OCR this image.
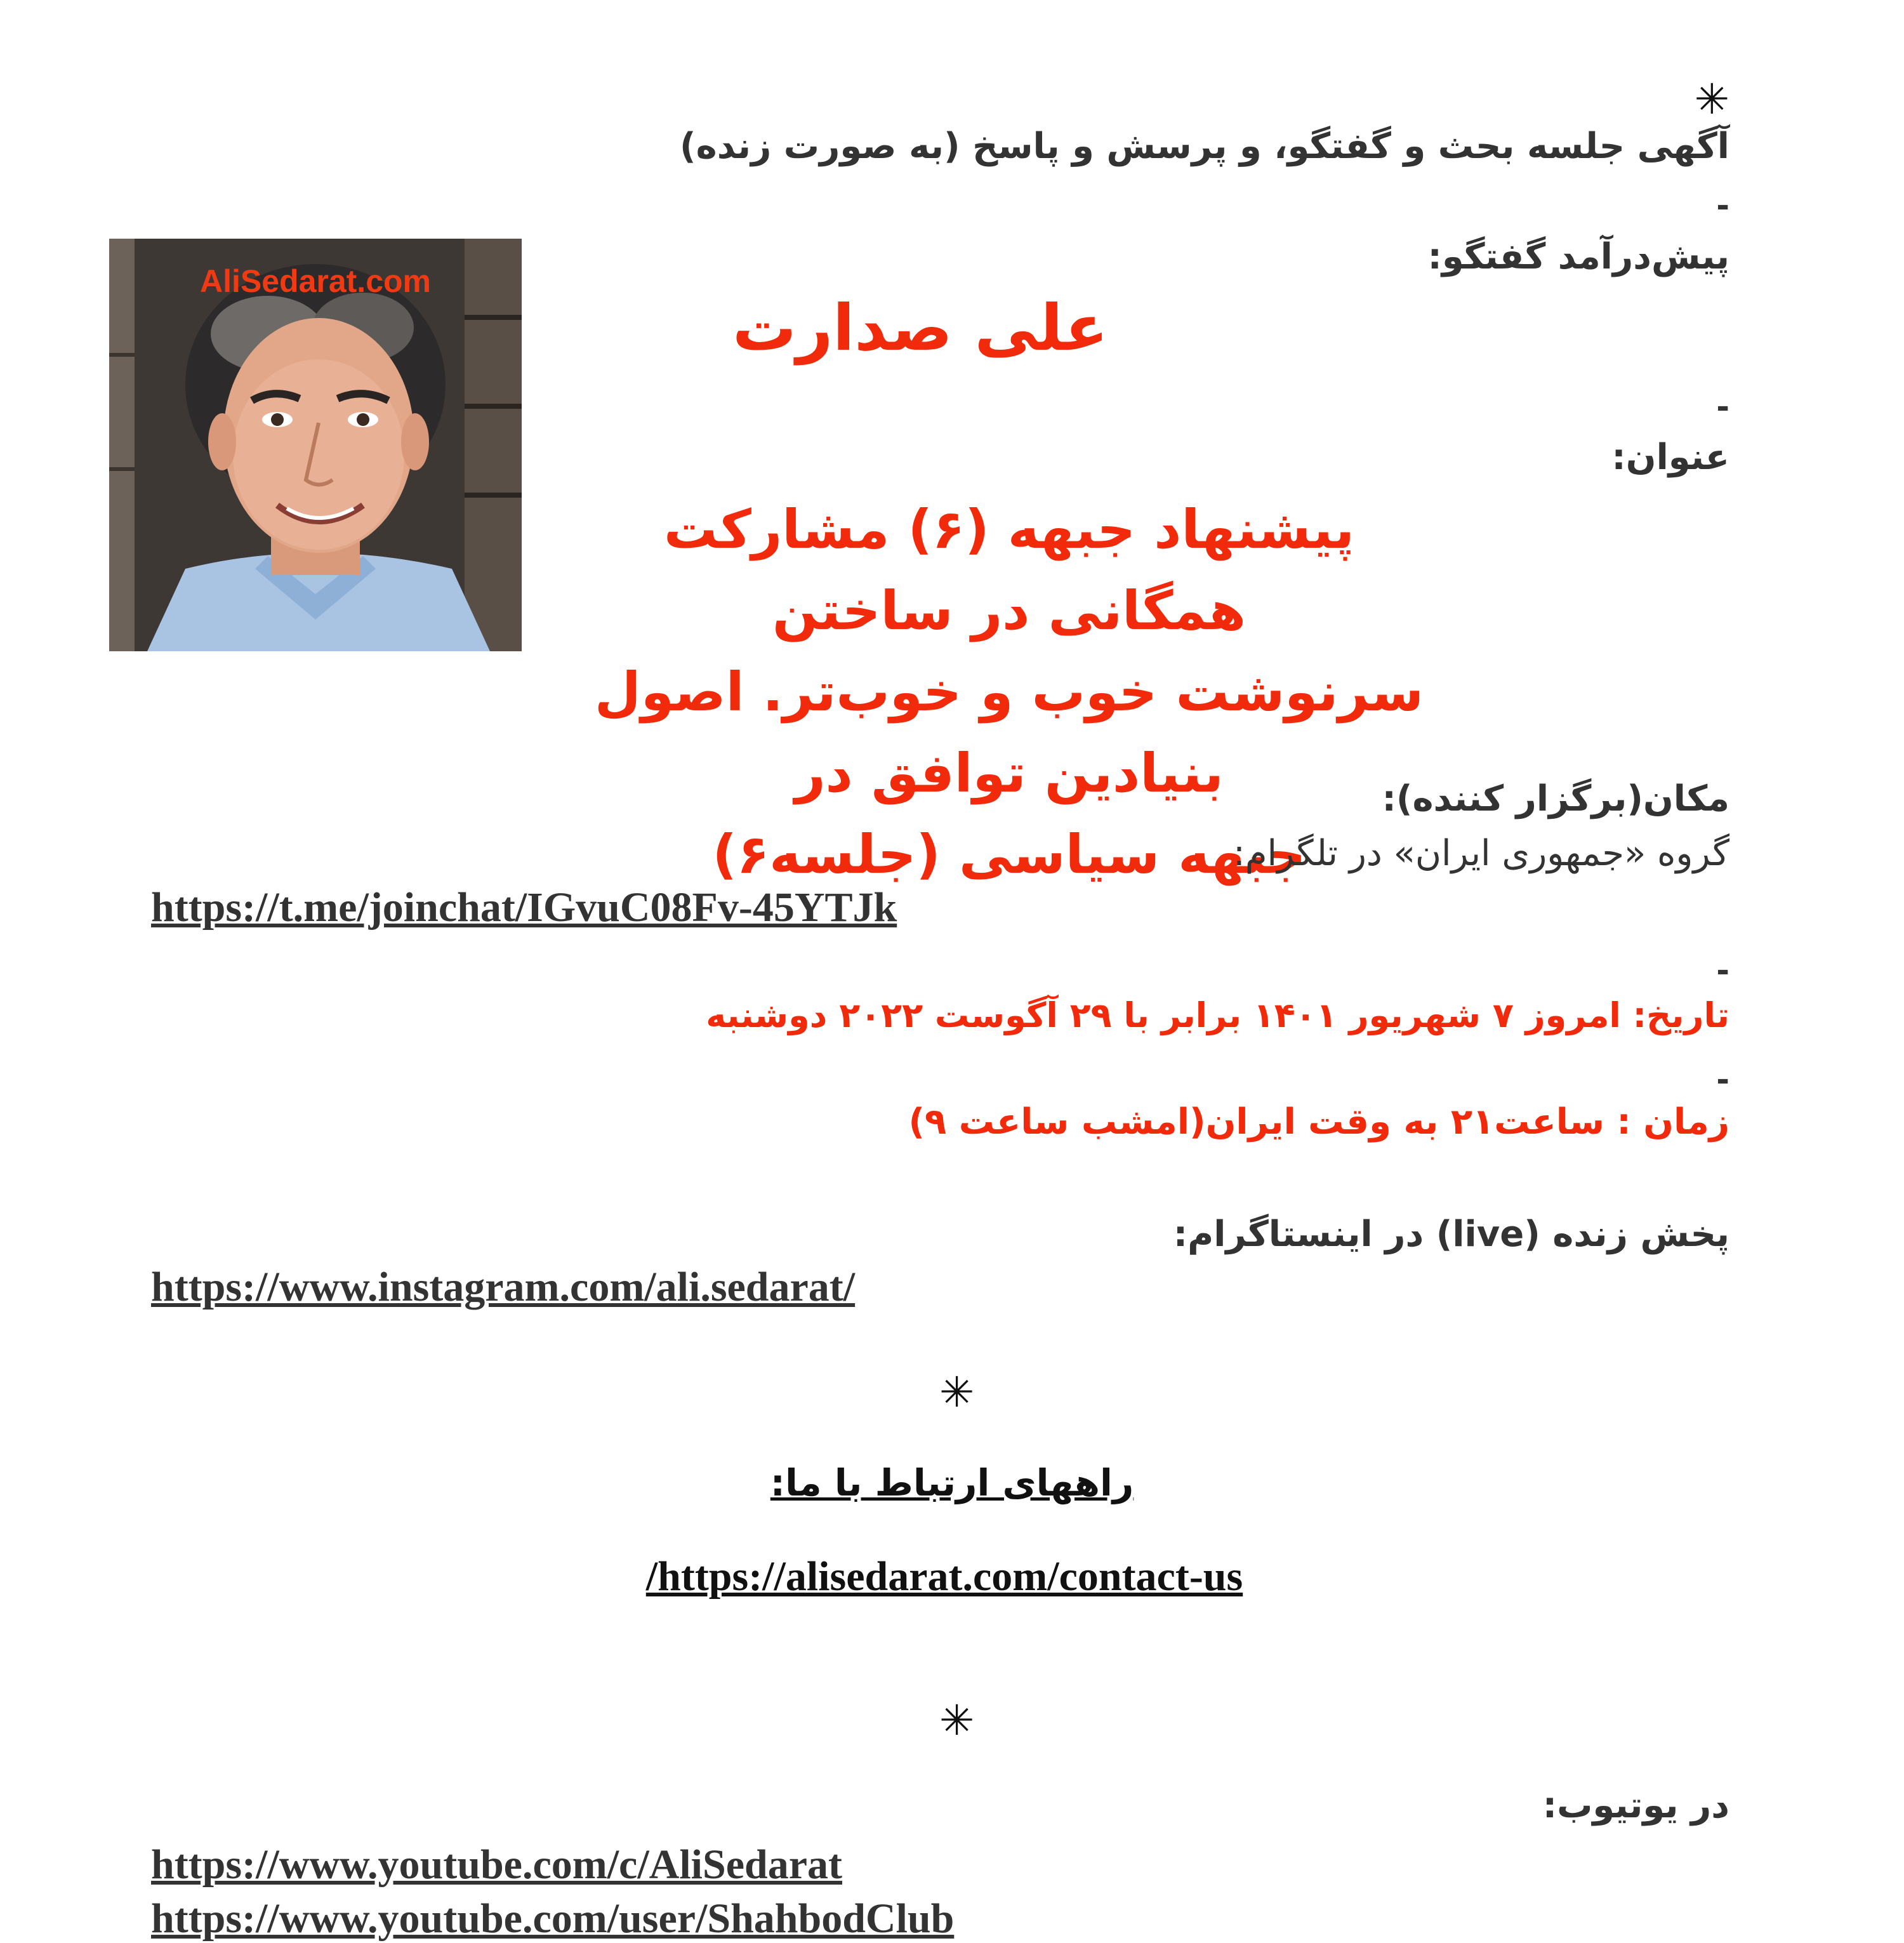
✳
آگهی جلسه بحث و گفتگو، و پرسش و پاسخ (به صورت زنده)
-
پیش‌درآمد گفتگو:
AliSedarat.com
علی صدارت
-
عنوان:
پیشنهاد جبهه (۶) مشارکت همگانی در ساختن
سرنوشت خوب و خوب‌تر. اصول بنیادین توافق در
جبهه سیاسی (جلسه۶)
مکان(برگزار کننده):
گروه «جمهوری ایران» در تلگرام:
https://t.me/joinchat/IGvuC08Fv-45YTJk
-
تاریخ: امروز ۷ شهریور ۱۴۰۱ برابر با ۲۹ آگوست ۲۰۲۲ دوشنبه
-
زمان : ساعت۲۱ به وقت ایران(امشب ساعت ۹)
پخش زنده (live) در اینستاگرام:
https://www.instagram.com/ali.sedarat/
✳
راههای ارتباط با ما:
/https://alisedarat.com/contact-us
✳
در یوتیوب:
https://www.youtube.com/c/AliSedarat
https://www.youtube.com/user/ShahbodClub
